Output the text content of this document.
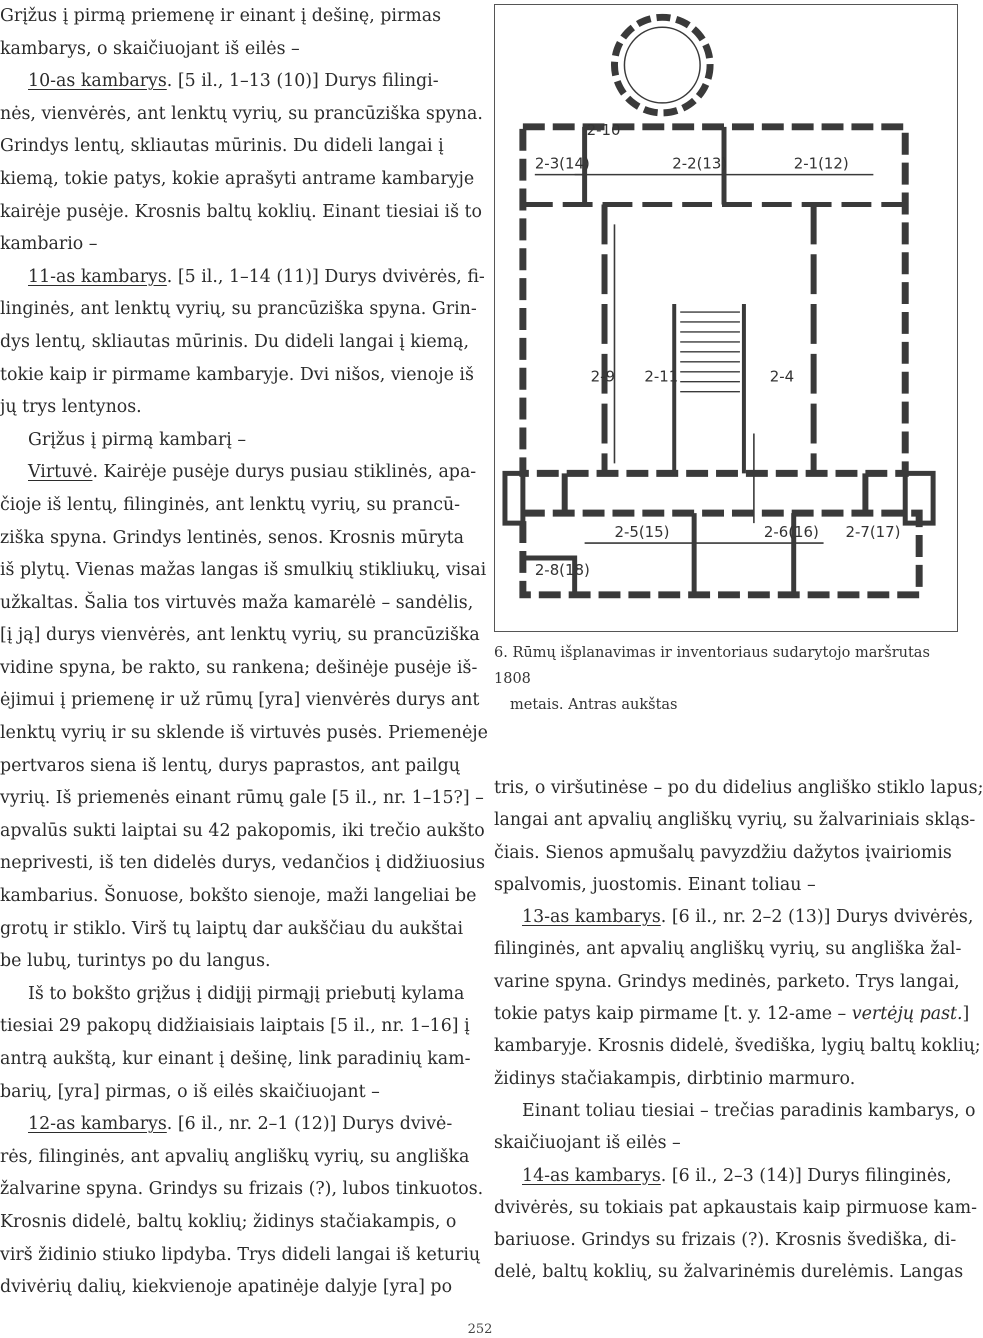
Grįžus į pirmą priemenę ir einant į dešinę, pirmas
kambarys, o skaičiuojant iš eilės –
10-as kambarys. [5 il., 1–13 (10)] Durys filingi-
nės, vienvėrės, ant lenktų vyrių, su prancūziška spyna.
Grindys lentų, skliautas mūrinis. Du dideli langai į
kiemą, tokie patys, kokie aprašyti antrame kambaryje
kairėje pusėje. Krosnis baltų koklių. Einant tiesiai iš to
kambario –
11-as kambarys. [5 il., 1–14 (11)] Durys dvivėrės, fi-
linginės, ant lenktų vyrių, su prancūziška spyna. Grin-
dys lentų, skliautas mūrinis. Du dideli langai į kiemą,
tokie kaip ir pirmame kambaryje. Dvi nišos, vienoje iš
jų trys lentynos.
Grįžus į pirmą kambarį –
Virtuvė. Kairėje pusėje durys pusiau stiklinės, apa-
čioje iš lentų, filinginės, ant lenktų vyrių, su prancū-
ziška spyna. Grindys lentinės, senos. Krosnis mūryta
iš plytų. Vienas mažas langas iš smulkių stikliukų, visai
užkaltas. Šalia tos virtuvės maža kamarėlė – sandėlis,
[į ją] durys vienvėrės, ant lenktų vyrių, su prancūziška
vidine spyna, be rakto, su rankena; dešinėje pusėje iš-
ėjimui į priemenę ir už rūmų [yra] vienvėrės durys ant
lenktų vyrių ir su sklende iš virtuvės pusės. Priemenėje
pertvaros siena iš lentų, durys paprastos, ant pailgų
vyrių. Iš priemenės einant rūmų gale [5 il., nr. 1–15?] –
apvalūs sukti laiptai su 42 pakopomis, iki trečio aukšto
neprivesti, iš ten didelės durys, vedančios į didžiuosius
kambarius. Šonuose, bokšto sienoje, maži langeliai be
grotų ir stiklo. Virš tų laiptų dar aukščiau du aukštai
be lubų, turintys po du langus.
Iš to bokšto grįžus į didįjį pirmąjį priebutį kylama
tiesiai 29 pakopų didžiaisiais laiptais [5 il., nr. 1–16] į
antrą aukštą, kur einant į dešinę, link paradinių kam-
barių, [yra] pirmas, o iš eilės skaičiuojant –
12-as kambarys. [6 il., nr. 2–1 (12)] Durys dvivė-
rės, filinginės, ant apvalių angliškų vyrių, su angliška
žalvarine spyna. Grindys su frizais (?), lubos tinkuotos.
Krosnis didelė, baltų koklių; židinys stačiakampis, o
virš židinio stiuko lipdyba. Trys dideli langai iš keturių
dvivėrių dalių, kiekvienoje apatinėje dalyje [yra] po
2-10
2-3(14)	2-2(13)	2-1(12)
2-9 2-11	2-4
2-5(15)	2-6(16) 2-7(17)
2-8(18)
6. Rūmų išplanavimas ir inventoriaus sudarytojo maršrutas 1808
metais. Antras aukštas
tris, o viršutinėse – po du didelius angliško stiklo lapus;
langai ant apvalių angliškų vyrių, su žalvariniais skląs-
čiais. Sienos apmušalų pavyzdžiu dažytos įvairiomis
spalvomis, juostomis. Einant toliau –
13-as kambarys. [6 il., nr. 2–2 (13)] Durys dvivėrės,
filinginės, ant apvalių angliškų vyrių, su angliška žal-
varine spyna. Grindys medinės, parketo. Trys langai,
tokie patys kaip pirmame [t. y. 12-ame – vertėjų past.]
kambaryje. Krosnis didelė, švediška, lygių baltų koklių;
židinys stačiakampis, dirbtinio marmuro.
Einant toliau tiesiai – trečias paradinis kambarys, o
skaičiuojant iš eilės –
14-as kambarys. [6 il., 2–3 (14)] Durys filinginės,
dvivėrės, su tokiais pat apkaustais kaip pirmuose kam-
bariuose. Grindys su frizais (?). Krosnis švediška, di-
delė, baltų koklių, su žalvarinėmis durelėmis. Langas
252
